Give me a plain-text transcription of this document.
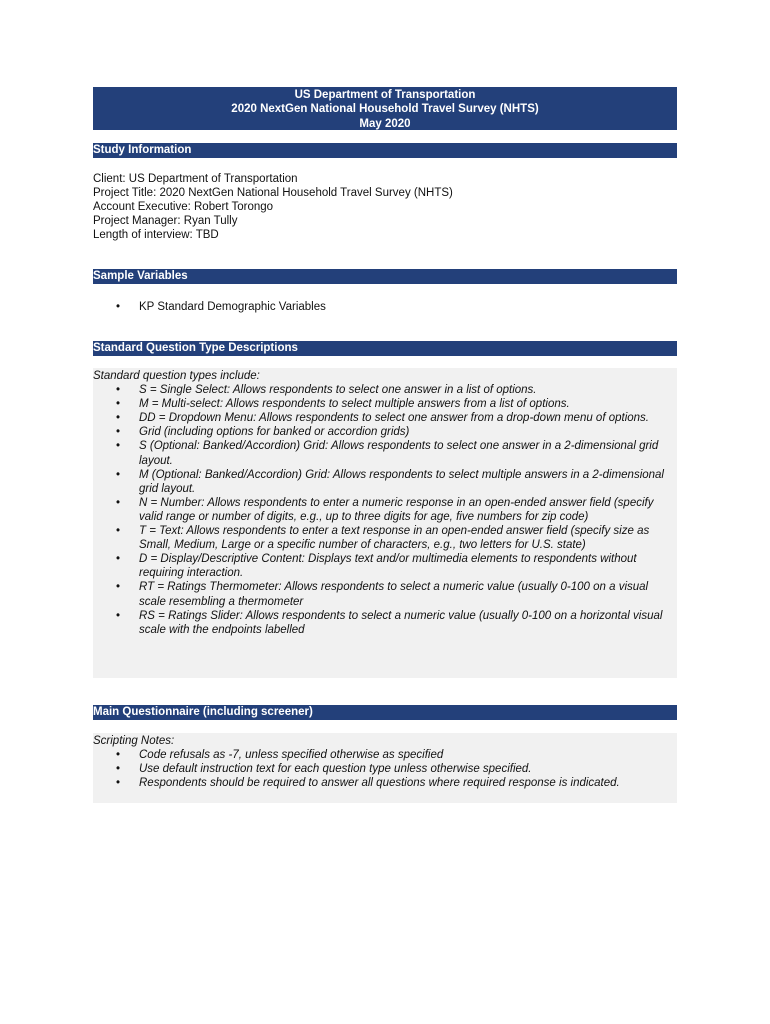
US Department of Transportation
2020 NextGen National Household Travel Survey (NHTS)
May 2020
Study Information
Client: US Department of Transportation
Project Title: 2020 NextGen National Household Travel Survey (NHTS)
Account Executive: Robert Torongo
Project Manager: Ryan Tully
Length of interview: TBD
Sample Variables
• KP Standard Demographic Variables
Standard Question Type Descriptions
Standard question types include:
• S = Single Select: Allows respondents to select one answer in a list of options.
• M = Multi-select: Allows respondents to select multiple answers from a list of options.
• DD = Dropdown Menu: Allows respondents to select one answer from a drop-down menu of options.
• Grid (including options for banked or accordion grids)
• S (Optional: Banked/Accordion) Grid: Allows respondents to select one answer in a 2-dimensional grid layout.
• M (Optional: Banked/Accordion) Grid: Allows respondents to select multiple answers in a 2-dimensional grid layout.
• N = Number: Allows respondents to enter a numeric response in an open-ended answer field (specify valid range or number of digits, e.g., up to three digits for age, five numbers for zip code)
• T = Text: Allows respondents to enter a text response in an open-ended answer field (specify size as Small, Medium, Large or a specific number of characters, e.g., two letters for U.S. state)
• D = Display/Descriptive Content: Displays text and/or multimedia elements to respondents without requiring interaction.
• RT = Ratings Thermometer: Allows respondents to select a numeric value (usually 0-100 on a visual scale resembling a thermometer
• RS = Ratings Slider: Allows respondents to select a numeric value (usually 0-100 on a horizontal visual scale with the endpoints labelled
Main Questionnaire (including screener)
Scripting Notes:
• Code refusals as -7, unless specified otherwise as specified
• Use default instruction text for each question type unless otherwise specified.
• Respondents should be required to answer all questions where required response is indicated.
